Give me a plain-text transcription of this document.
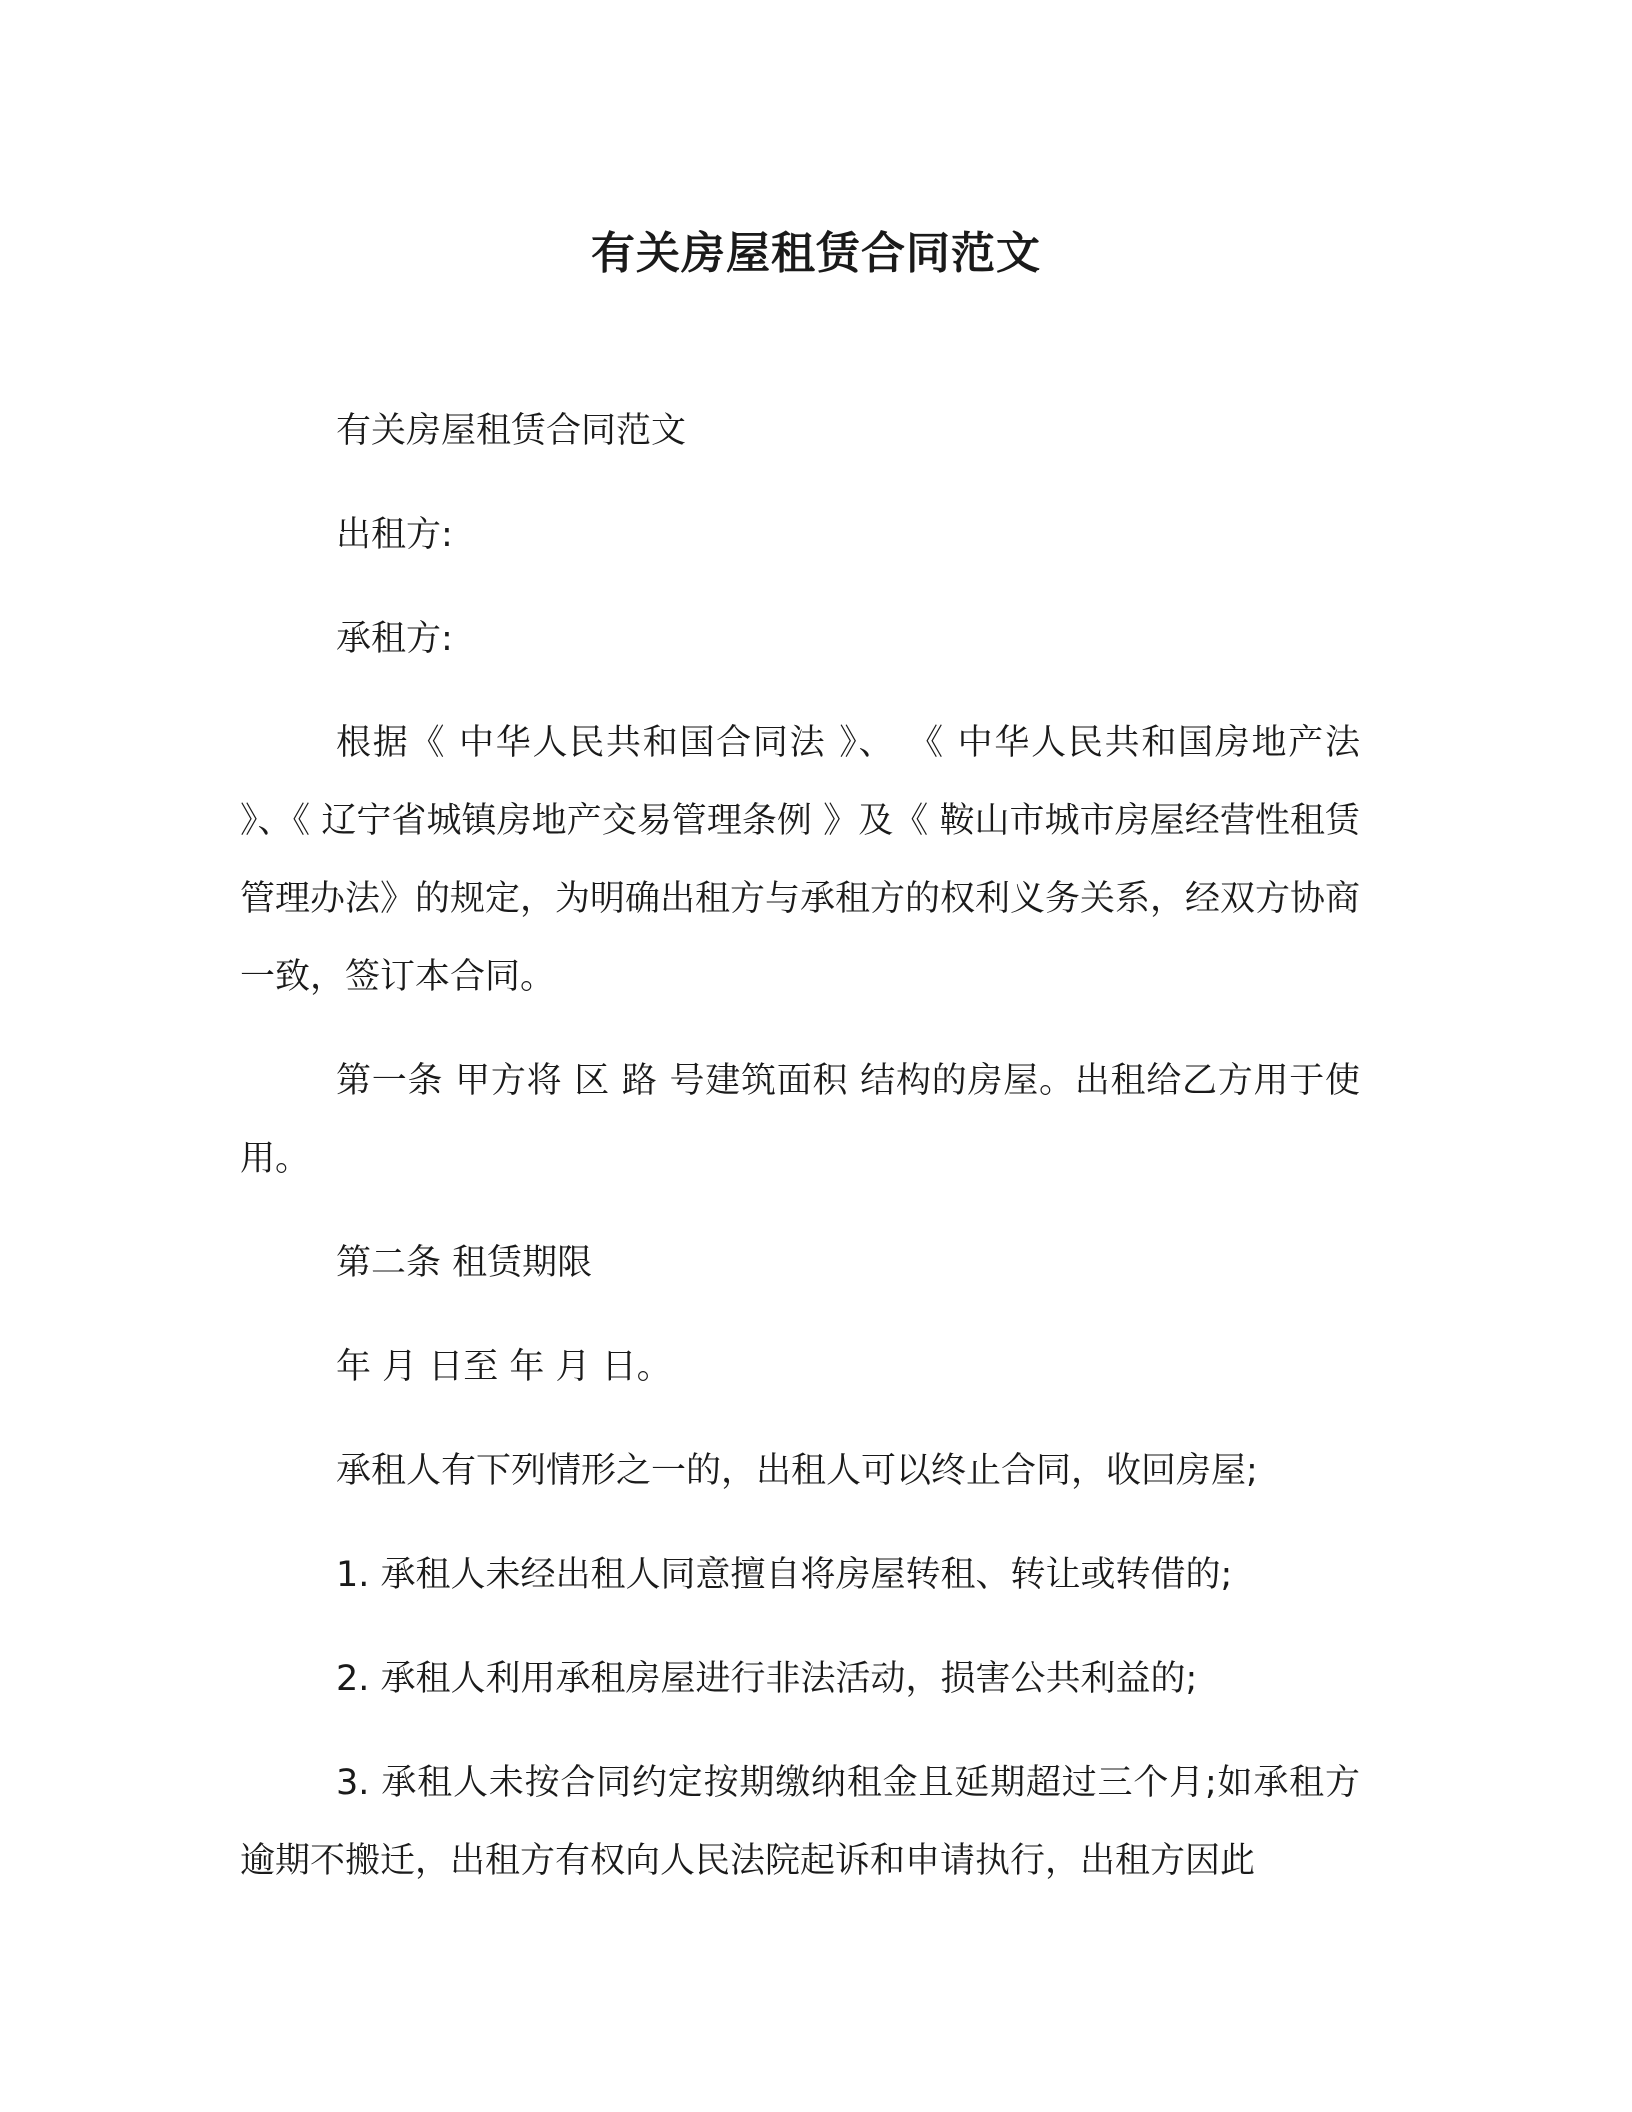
有关房屋租赁合同范文

有关房屋租赁合同范文

出租方:

承租方:

根据《 中华人民共和国合同法 》、 《 中华人民共和国房地产法 》、《 辽宁省城镇房地产交易管理条例 》及《 鞍山市城市房屋经营性租赁管理办法》的规定，为明确出租方与承租方的权利义务关系，经双方协商一致，签订本合同。

第一条 甲方将 区 路 号建筑面积 结构的房屋。出租给乙方用于使用。

第二条 租赁期限

年 月 日至 年 月 日。

承租人有下列情形之一的，出租人可以终止合同，收回房屋;

1. 承租人未经出租人同意擅自将房屋转租、转让或转借的;

2. 承租人利用承租房屋进行非法活动，损害公共利益的;

3. 承租人未按合同约定按期缴纳租金且延期超过三个月;如承租方逾期不搬迁，出租方有权向人民法院起诉和申请执行，出租方因此
